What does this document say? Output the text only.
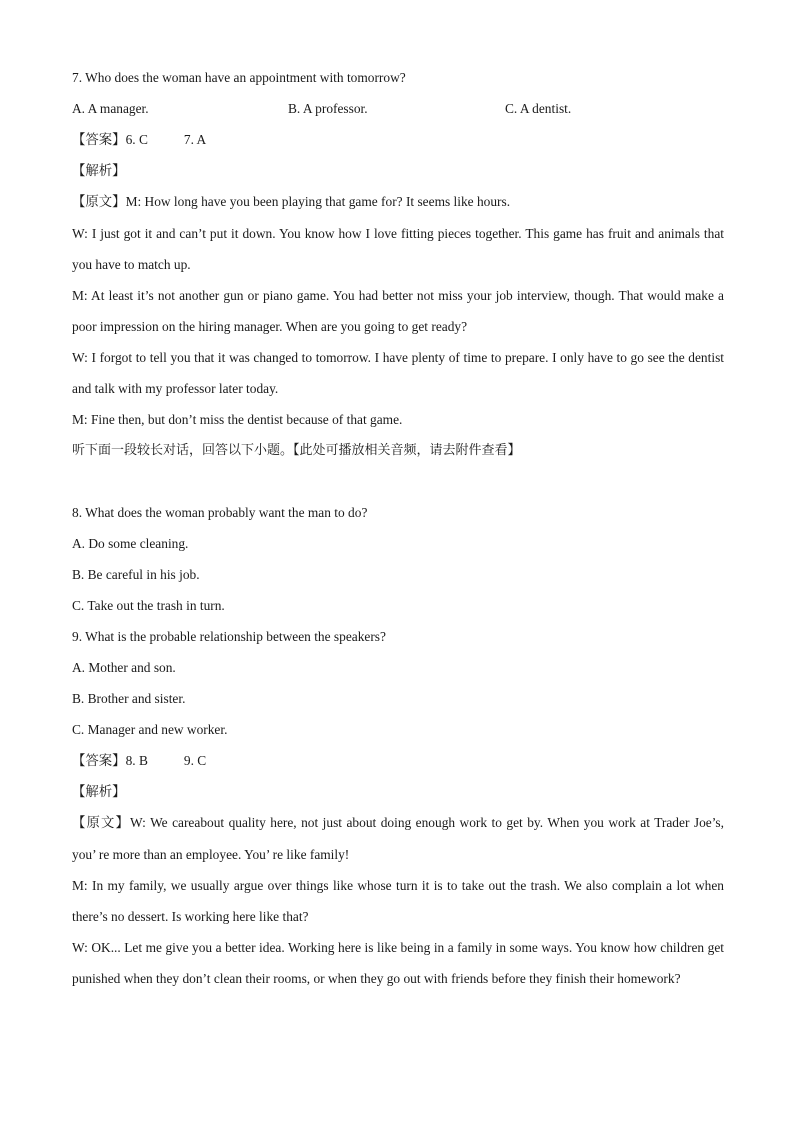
7. Who does the woman have an appointment with tomorrow?
A. A manager.	B. A professor.	C. A dentist.
【答案】6. C	7. A
【解析】
【原文】M: How long have you been playing that game for? It seems like hours.
W: I just got it and can’t put it down. You know how I love fitting pieces together. This game has fruit and animals that you have to match up.
M: At least it’s not another gun or piano game. You had better not miss your job interview, though. That would make a poor impression on the hiring manager. When are you going to get ready?
W: I forgot to tell you that it was changed to tomorrow. I have plenty of time to prepare. I only have to go see the dentist and talk with my professor later today.
M: Fine then, but don’t miss the dentist because of that game.
听下面一段较长对话，回答以下小题。【此处可播放相关音频，请去附件查看】
8. What does the woman probably want the man to do?
A. Do some cleaning.
B. Be careful in his job.
C. Take out the trash in turn.
9. What is the probable relationship between the speakers?
A. Mother and son.
B. Brother and sister.
C. Manager and new worker.
【答案】8. B	9. C
【解析】
【原文】W: We careabout quality here, not just about doing enough work to get by. When you work at Trader Joe’s, you’ re more than an employee. You’ re like family!
M: In my family, we usually argue over things like whose turn it is to take out the trash. We also complain a lot when there’s no dessert. Is working here like that?
W: OK... Let me give you a better idea. Working here is like being in a family in some ways. You know how children get punished when they don’t clean their rooms, or when they go out with friends before they finish their homework?
